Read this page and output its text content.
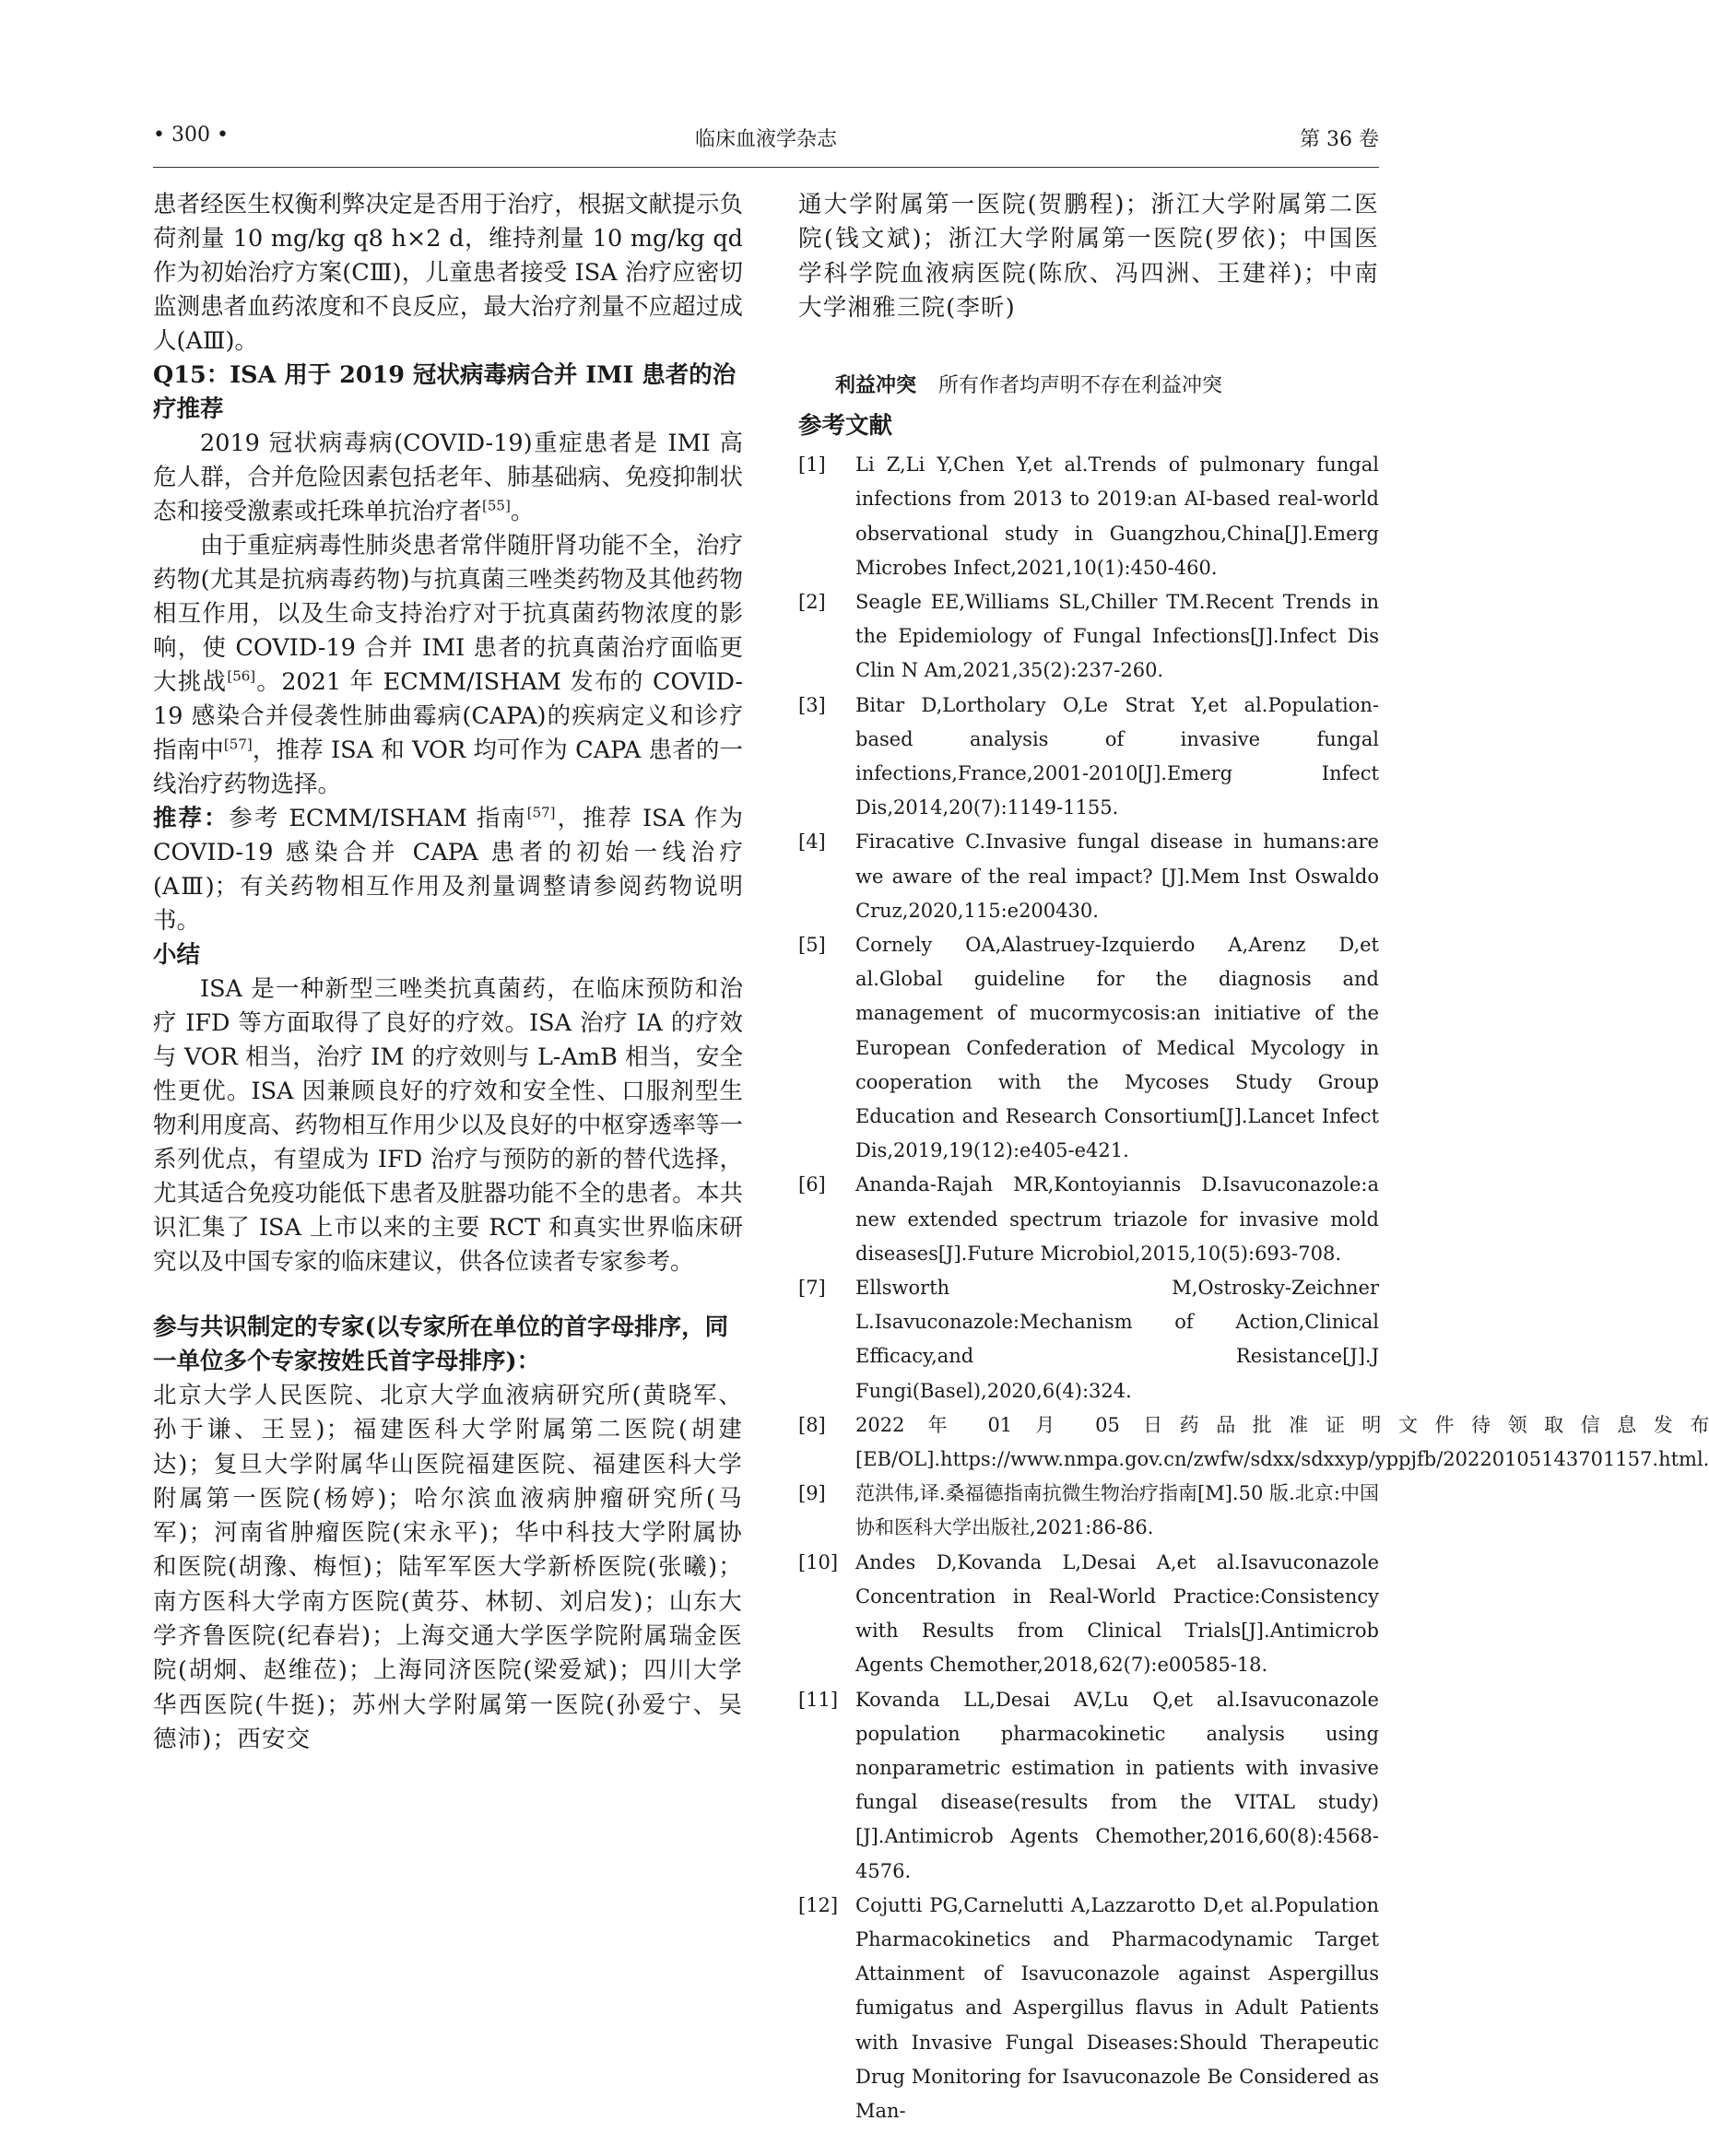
• 300 •	临床血液学杂志	第 36 卷

患者经医生权衡利弊决定是否用于治疗，根据文献提示负荷剂量 10 mg/kg q8 h×2 d，维持剂量 10 mg/kg qd作为初始治疗方案(CⅢ)，儿童患者接受 ISA 治疗应密切监测患者血药浓度和不良反应，最大治疗剂量不应超过成人(AⅢ)。

Q15：ISA 用于 2019 冠状病毒病合并 IMI 患者的治疗推荐

2019 冠状病毒病(COVID-19)重症患者是 IMI 高危人群，合并危险因素包括老年、肺基础病、免疫抑制状态和接受激素或托珠单抗治疗者[55]。

由于重症病毒性肺炎患者常伴随肝肾功能不全，治疗药物(尤其是抗病毒药物)与抗真菌三唑类药物及其他药物相互作用，以及生命支持治疗对于抗真菌药物浓度的影响，使 COVID-19 合并 IMI 患者的抗真菌治疗面临更大挑战[56]。2021 年 ECMM/ISHAM 发布的 COVID-19 感染合并侵袭性肺曲霉病(CAPA)的疾病定义和诊疗指南中[57]，推荐 ISA 和 VOR 均可作为 CAPA 患者的一线治疗药物选择。

推荐：参考 ECMM/ISHAM 指南[57]，推荐 ISA 作为 COVID-19 感染合并 CAPA 患者的初始一线治疗(AⅢ)；有关药物相互作用及剂量调整请参阅药物说明书。

小结

ISA 是一种新型三唑类抗真菌药，在临床预防和治疗 IFD 等方面取得了良好的疗效。ISA 治疗 IA 的疗效与 VOR 相当，治疗 IM 的疗效则与 L-AmB 相当，安全性更优。ISA 因兼顾良好的疗效和安全性、口服剂型生物利用度高、药物相互作用少以及良好的中枢穿透率等一系列优点，有望成为 IFD 治疗与预防的新的替代选择，尤其适合免疫功能低下患者及脏器功能不全的患者。本共识汇集了 ISA 上市以来的主要 RCT 和真实世界临床研究以及中国专家的临床建议，供各位读者专家参考。

参与共识制定的专家(以专家所在单位的首字母排序，同一单位多个专家按姓氏首字母排序)：

北京大学人民医院、北京大学血液病研究所(黄晓军、孙于谦、王昱)；福建医科大学附属第二医院(胡建达)；复旦大学附属华山医院福建医院、福建医科大学附属第一医院(杨婷)；哈尔滨血液病肿瘤研究所(马军)；河南省肿瘤医院(宋永平)；华中科技大学附属协和医院(胡豫、梅恒)；陆军军医大学新桥医院(张曦)；南方医科大学南方医院(黄芬、林韧、刘启发)；山东大学齐鲁医院(纪春岩)；上海交通大学医学院附属瑞金医院(胡炯、赵维莅)；上海同济医院(梁爱斌)；四川大学华西医院(牛挺)；苏州大学附属第一医院(孙爱宁、吴德沛)；西安交

通大学附属第一医院(贺鹏程)；浙江大学附属第二医院(钱文斌)；浙江大学附属第一医院(罗依)；中国医学科学院血液病医院(陈欣、冯四洲、王建祥)；中南大学湘雅三院(李昕)

利益冲突 所有作者均声明不存在利益冲突

参考文献

[1]	Li Z,Li Y,Chen Y,et al.Trends of pulmonary fungal infections from 2013 to 2019:an AI-based real-world observational study in Guangzhou,China[J].Emerg Microbes Infect,2021,10(1):450-460.
[2]	Seagle EE,Williams SL,Chiller TM.Recent Trends in the Epidemiology of Fungal Infections[J].Infect Dis Clin N Am,2021,35(2):237-260.
[3]	Bitar D,Lortholary O,Le Strat Y,et al.Population-based analysis of invasive fungal infections,France,2001-2010[J].Emerg Infect Dis,2014,20(7):1149-1155.
[4]	Firacative C.Invasive fungal disease in humans:are we aware of the real impact? [J].Mem Inst Oswaldo Cruz,2020,115:e200430.
[5]	Cornely OA,Alastruey-Izquierdo A,Arenz D,et al.Global guideline for the diagnosis and management of mucormycosis:an initiative of the European Confederation of Medical Mycology in cooperation with the Mycoses Study Group Education and Research Consortium[J].Lancet Infect Dis,2019,19(12):e405-e421.
[6]	Ananda-Rajah MR,Kontoyiannis D.Isavuconazole:a new extended spectrum triazole for invasive mold diseases[J].Future Microbiol,2015,10(5):693-708.
[7]	Ellsworth M,Ostrosky-Zeichner L.Isavuconazole:Mechanism of Action,Clinical Efficacy,and Resistance[J].J Fungi(Basel),2020,6(4):324.
[8]	2022 年 01 月 05 日药品批准证明文件待领取信息发布[EB/OL].https://www.nmpa.gov.cn/zwfw/sdxx/sdxxyp/yppjfb/20220105143701157.html.
[9]	范洪伟,译.桑福德指南抗微生物治疗指南[M].50 版.北京:中国协和医科大学出版社,2021:86-86.
[10] Andes D,Kovanda L,Desai A,et al.Isavuconazole Concentration in Real-World Practice:Consistency with Results from Clinical Trials[J].Antimicrob Agents Chemother,2018,62(7):e00585-18.
[11] Kovanda LL,Desai AV,Lu Q,et al.Isavuconazole population pharmacokinetic analysis using nonparametric estimation in patients with invasive fungal disease(results from the VITAL study)[J].Antimicrob Agents Chemother,2016,60(8):4568-4576.
[12] Cojutti PG,Carnelutti A,Lazzarotto D,et al.Population Pharmacokinetics and Pharmacodynamic Target Attainment of Isavuconazole against Aspergillus fumigatus and Aspergillus flavus in Adult Patients with Invasive Fungal Diseases:Should Therapeutic Drug Monitoring for Isavuconazole Be Considered as Man-
